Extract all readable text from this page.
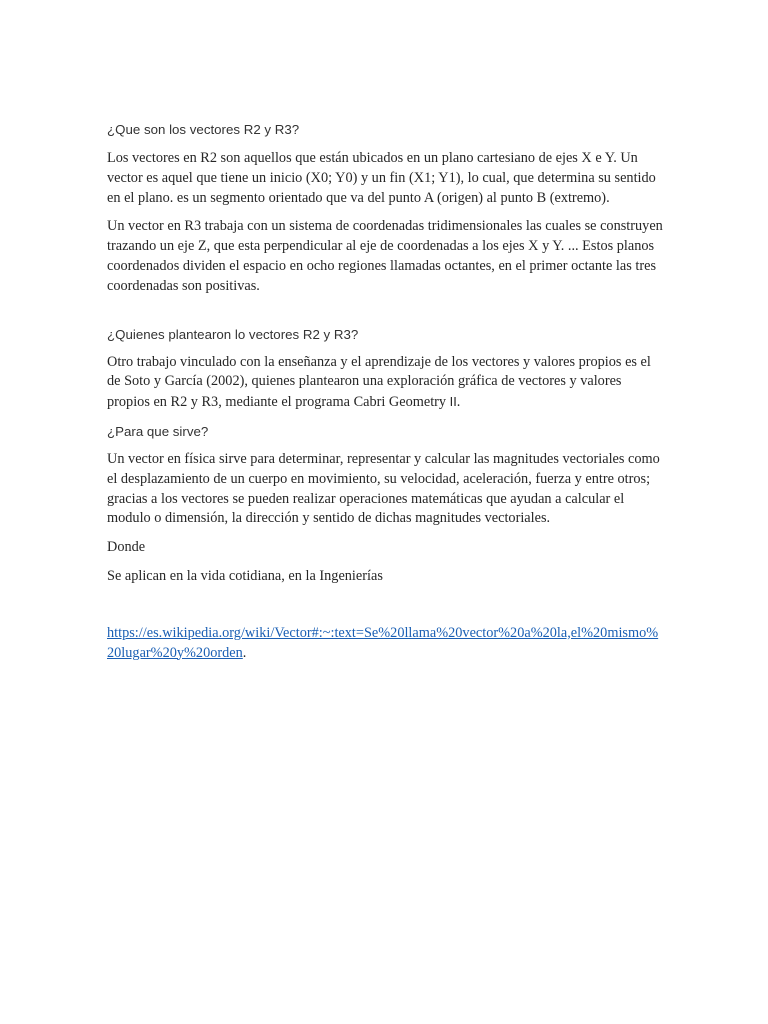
¿Que son los vectores R2 y R3?

Los vectores en R2 son aquellos que están ubicados en un plano cartesiano de ejes X e Y. Un vector es aquel que tiene un inicio (X0; Y0) y un fin (X1; Y1), lo cual, que determina su sentido en el plano. es un segmento orientado que va del punto A (origen) al punto B (extremo).

Un vector en R3 trabaja con un sistema de coordenadas tridimensionales las cuales se construyen trazando un eje Z, que esta perpendicular al eje de coordenadas a los ejes X y Y. ... Estos planos coordenados dividen el espacio en ocho regiones llamadas octantes, en el primer octante las tres coordenadas son positivas.

¿Quienes plantearon lo vectores R2 y R3?

Otro trabajo vinculado con la enseñanza y el aprendizaje de los vectores y valores propios es el de Soto y García (2002), quienes plantearon una exploración gráfica de vectores y valores propios en R2 y R3, mediante el programa Cabri Geometry II.

¿Para que sirve?

Un vector en física sirve para determinar, representar y calcular las magnitudes vectoriales como el desplazamiento de un cuerpo en movimiento, su velocidad, aceleración, fuerza y entre otros; gracias a los vectores se pueden realizar operaciones matemáticas que ayudan a calcular el modulo o dimensión, la dirección y sentido de dichas magnitudes vectoriales.

Donde

Se aplican en la vida cotidiana, en la Ingenierías

https://es.wikipedia.org/wiki/Vector#:~:text=Se%20llama%20vector%20a%20la,el%20mismo%20lugar%20y%20orden.
